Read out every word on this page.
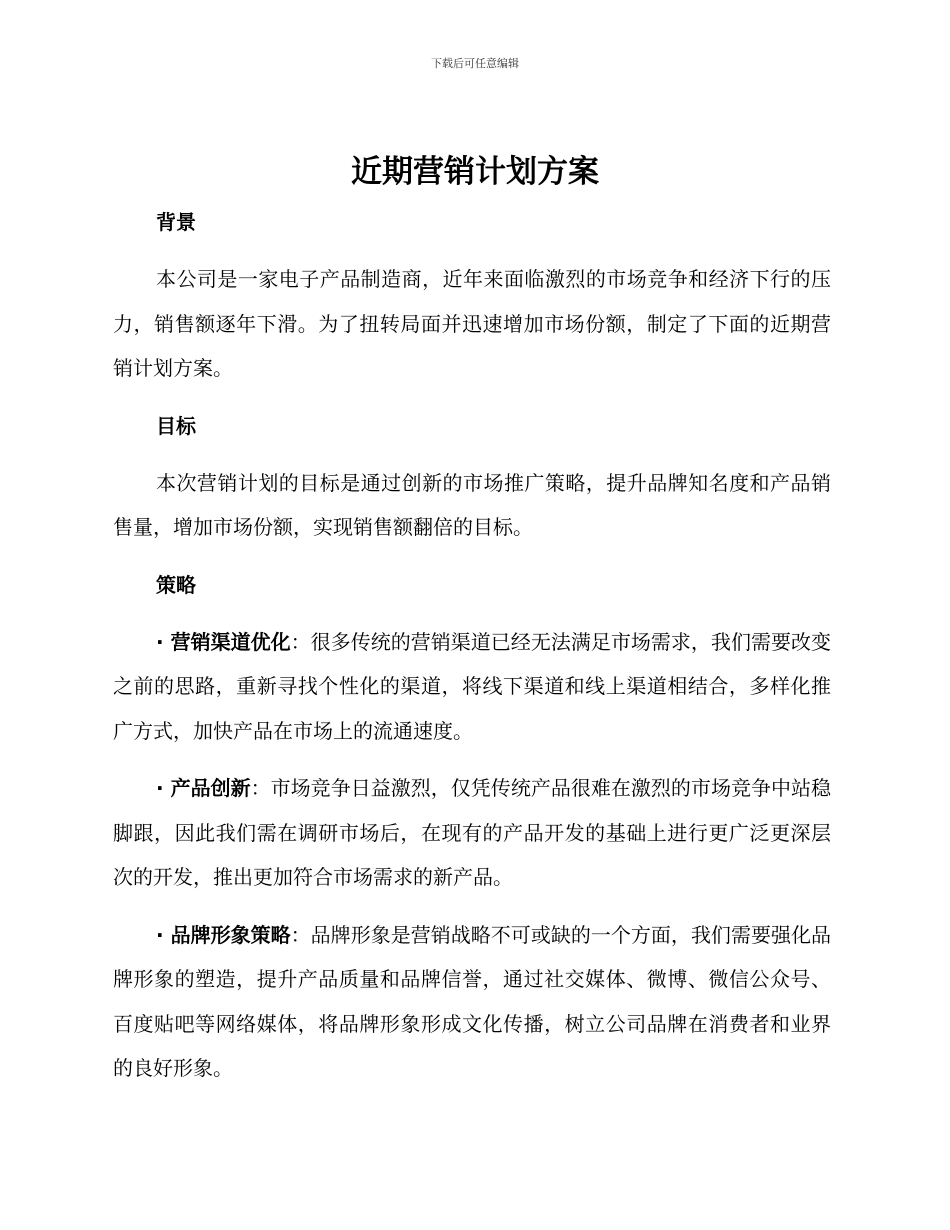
下载后可任意编辑
近期营销计划方案
背景

本公司是一家电子产品制造商，近年来面临激烈的市场竞争和经济下行的压力，销售额逐年下滑。为了扭转局面并迅速增加市场份额，制定了下面的近期营销计划方案。

目标

本次营销计划的目标是通过创新的市场推广策略，提升品牌知名度和产品销售量，增加市场份额，实现销售额翻倍的目标。

策略

· 营销渠道优化：很多传统的营销渠道已经无法满足市场需求，我们需要改变之前的思路，重新寻找个性化的渠道，将线下渠道和线上渠道相结合，多样化推广方式，加快产品在市场上的流通速度。

· 产品创新：市场竞争日益激烈，仅凭传统产品很难在激烈的市场竞争中站稳脚跟，因此我们需在调研市场后，在现有的产品开发的基础上进行更广泛更深层次的开发，推出更加符合市场需求的新产品。

· 品牌形象策略：品牌形象是营销战略不可或缺的一个方面，我们需要强化品牌形象的塑造，提升产品质量和品牌信誉，通过社交媒体、微博、微信公众号、百度贴吧等网络媒体，将品牌形象形成文化传播，树立公司品牌在消费者和业界的良好形象。
